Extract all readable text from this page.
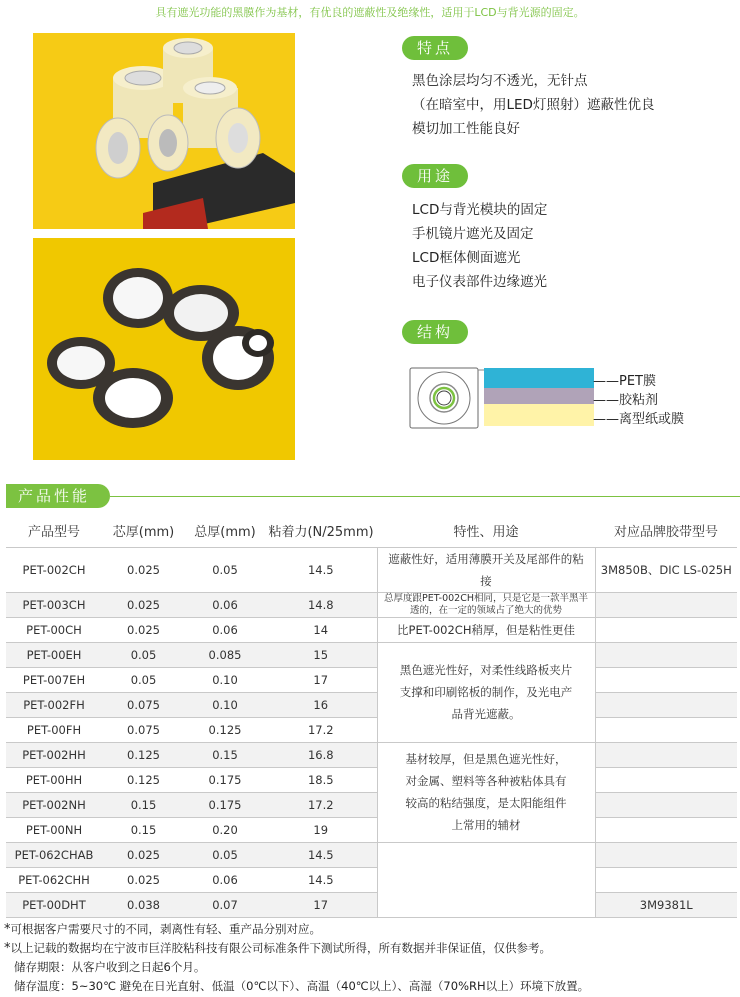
具有遮光功能的黑膜作为基材，有优良的遮蔽性及绝缘性，适用于LCD与背光源的固定。
特点
黑色涂层均匀不透光，无针点
（在暗室中，用LED灯照射）遮蔽性优良
模切加工性能良好
用途
LCD与背光模块的固定
手机镜片遮光及固定
LCD框体侧面遮光
电子仪表部件边缘遮光
结构
——PET膜
——胶粘剂
——离型纸或膜
产品性能
产品型号	芯厚(mm)	总厚(mm)	粘着力(N/25mm)	特性、用途	对应品牌胶带型号
PET-002CH	0.025	0.05	14.5	遮蔽性好，适用薄膜开关及尾部件的粘接	3M850B、DIC LS-025H
PET-003CH	0.025	0.06	14.8	总厚度跟PET-002CH相同，只是它是一款半黑半透的，在一定的领域占了绝大的优势	
PET-00CH	0.025	0.06	14	比PET-002CH稍厚，但是粘性更佳	
PET-00EH	0.05	0.085	15	黑色遮光性好，对柔性线路板夹片
支撑和印刷铭板的制作，及光电产
品背光遮蔽。	

PET-007EH	0.05	0.10	17		
PET-002FH	0.075	0.10	16		
PET-00FH	0.075	0.125	17.2		
PET-002HH	0.125	0.15	16.8	基材较厚，但是黑色遮光性好，
对金属、塑料等各种被粘体具有
较高的粘结强度，是太阳能组件
上常用的辅材	

PET-00HH	0.125	0.175	18.5		
PET-002NH	0.15	0.175	17.2		
PET-00NH	0.15	0.20	19		
PET-062CHAB	0.025	0.05	14.5		
PET-062CHH	0.025	0.06	14.5		
PET-00DHT	0.038	0.07	17		3M9381L
*可根据客户需要尺寸的不同，剥离性有轻、重产品分别对应。
*以上记载的数据均在宁波市巨洋胶粘科技有限公司标准条件下测试所得，所有数据并非保证值，仅供参考。
储存期限：从客户收到之日起6个月。
储存温度：5~30℃ 避免在日光直射、低温（0℃以下）、高温（40℃以上）、高湿（70%RH以上）环境下放置。
